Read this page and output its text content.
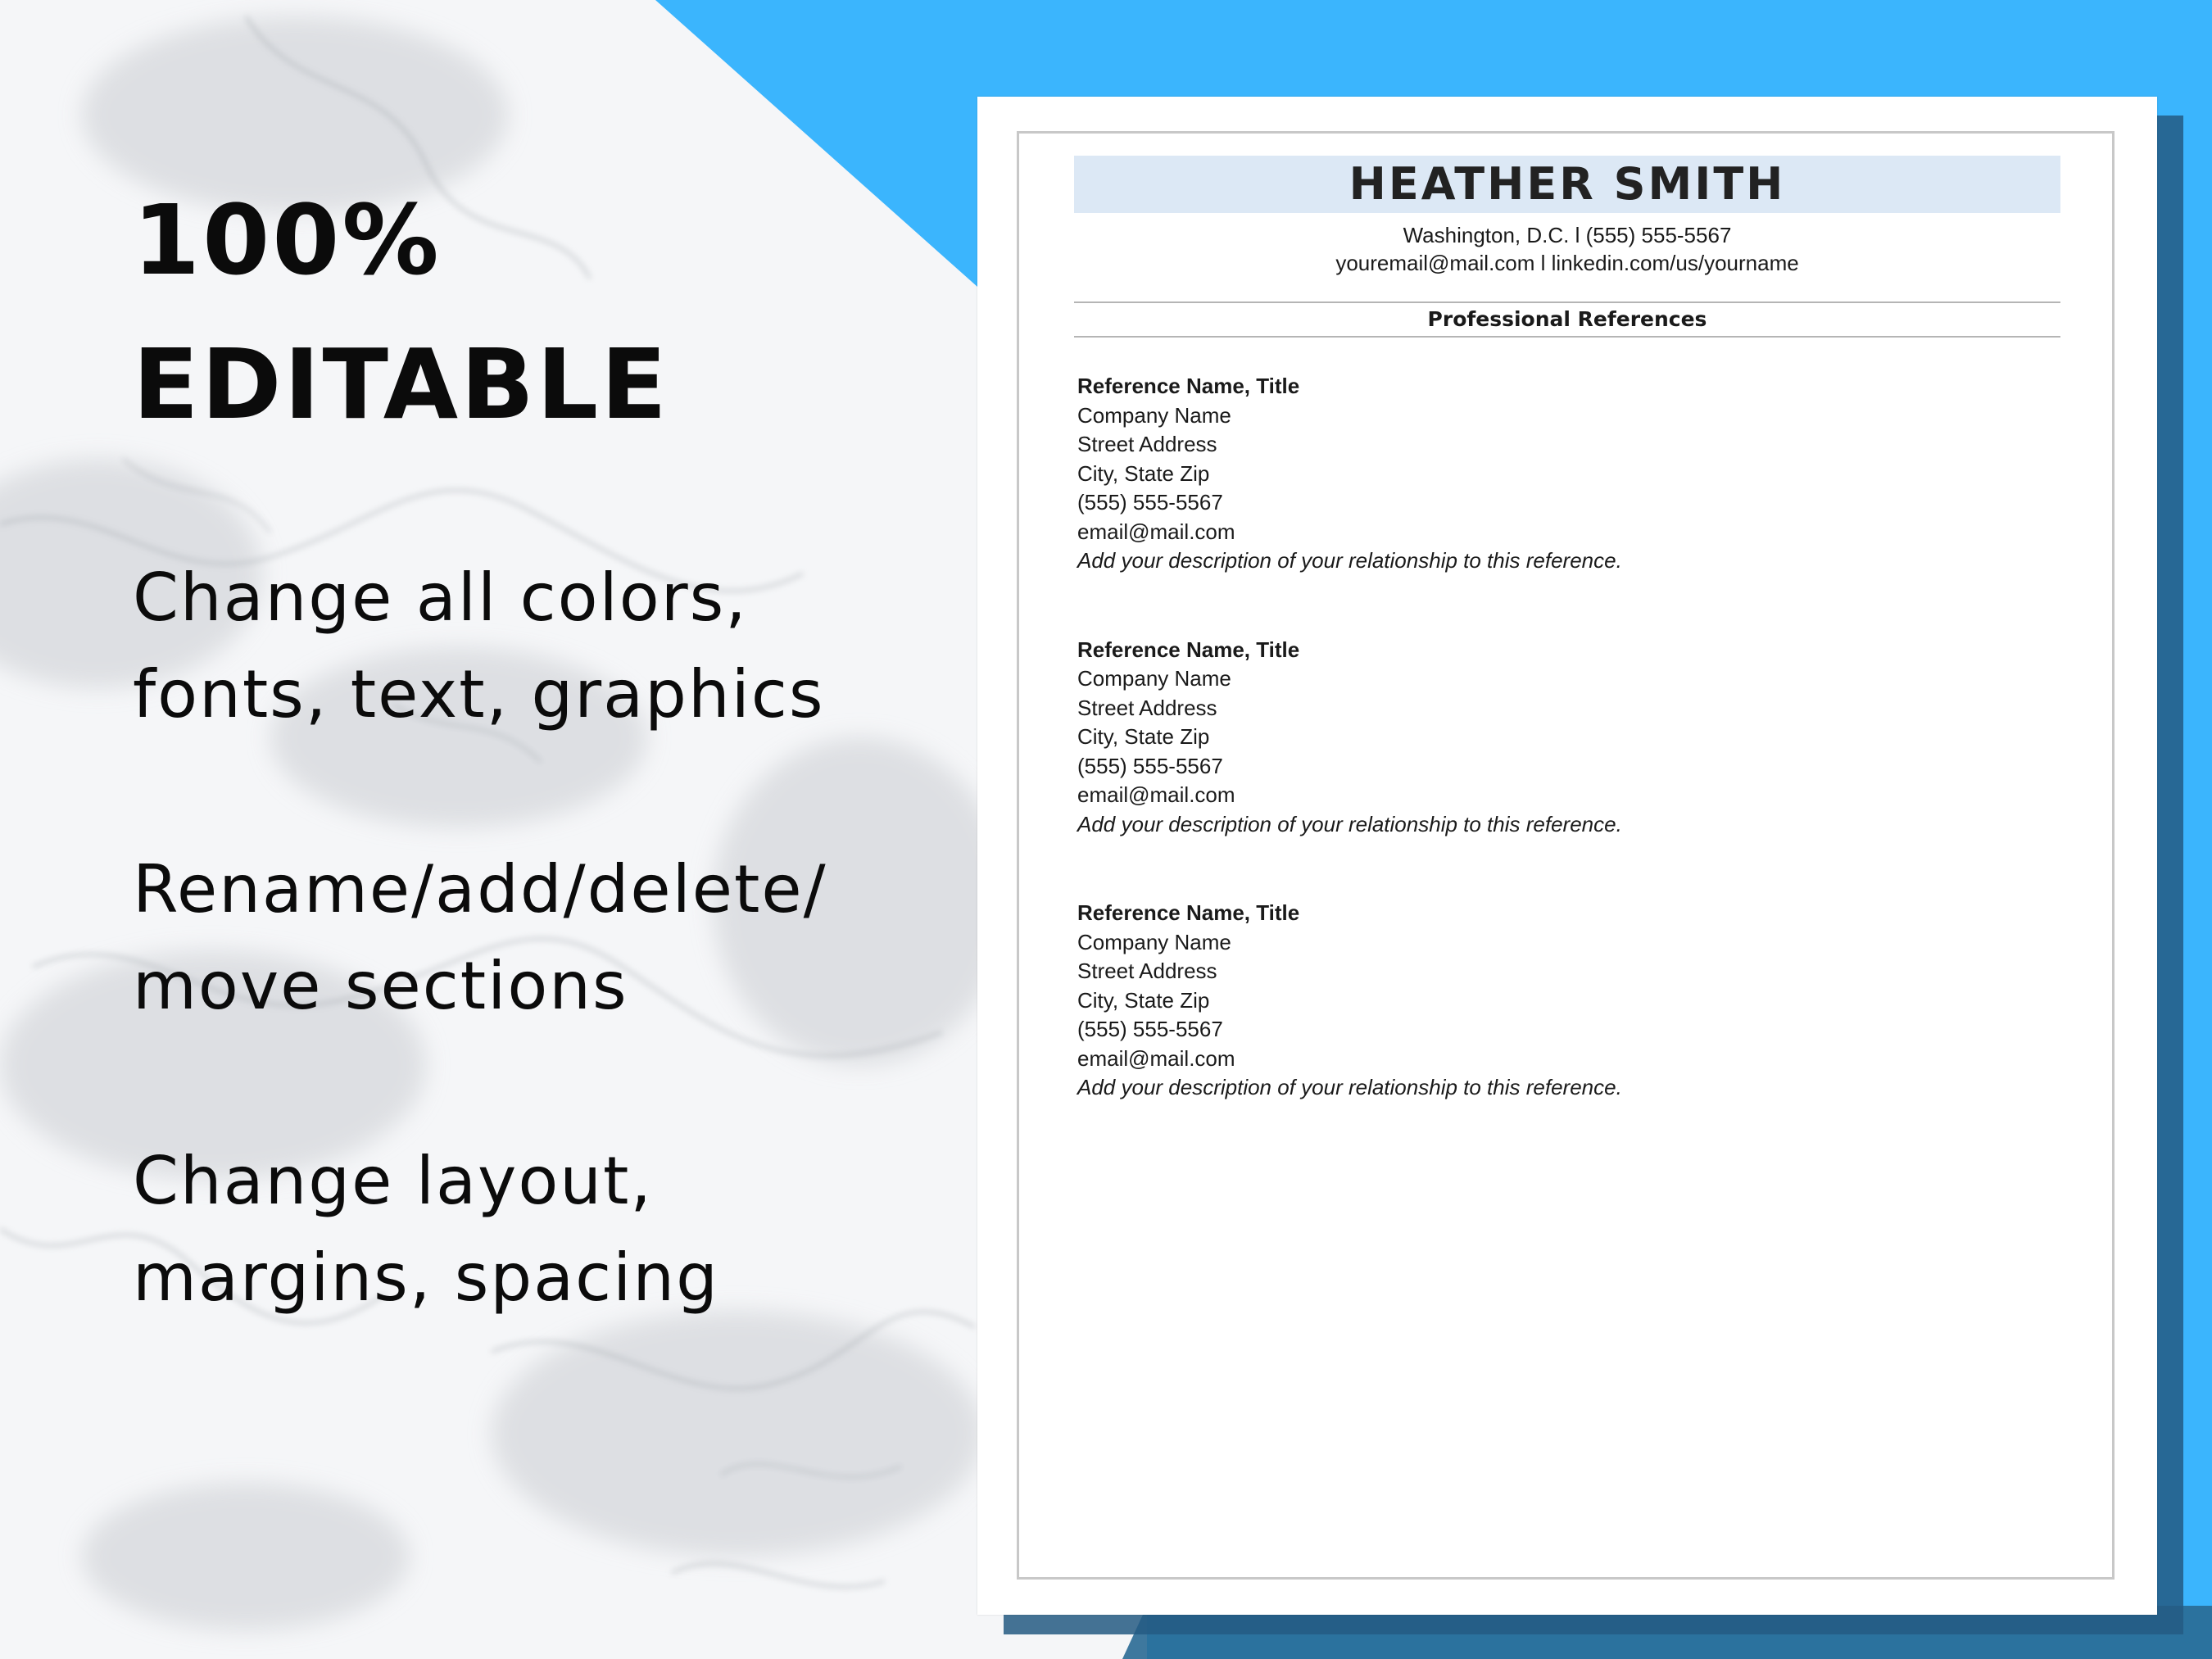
100%
EDITABLE

Change all colors,
fonts, text, graphics

Rename/add/delete/
move sections

Change layout,
margins, spacing

HEATHER SMITH
Washington, D.C. l (555) 555-5567
youremail@mail.com l linkedin.com/us/yourname
Professional References
Reference Name, Title
Company Name
Street Address
City, State Zip
(555) 555-5567
email@mail.com
Add your description of your relationship to this reference.
Reference Name, Title
Company Name
Street Address
City, State Zip
(555) 555-5567
email@mail.com
Add your description of your relationship to this reference.
Reference Name, Title
Company Name
Street Address
City, State Zip
(555) 555-5567
email@mail.com
Add your description of your relationship to this reference.
